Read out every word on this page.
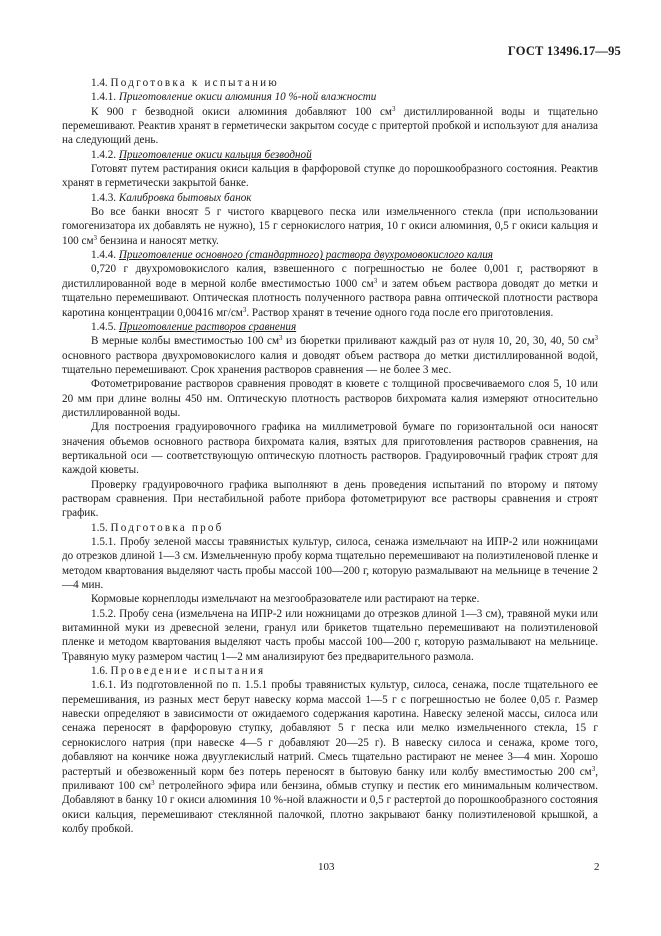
ГОСТ 13496.17—95

1.4. Подготовка к испытанию

1.4.1. Приготовление окиси алюминия 10 %-ной влажности

К 900 г безводной окиси алюминия добавляют 100 $см^3$ дистиллированной воды и тщательно перемешивают. Реактив хранят в герметически закрытом сосуде с притертой пробкой и используют для анализа на следующий день.

1.4.2. Приготовление окиси кальция безводной

Готовят путем растирания окиси кальция в фарфоровой ступке до порошкообразного состояния. Реактив хранят в герметически закрытой банке.

1.4.3. Калибровка бытовых банок

Во все банки вносят 5 г чистого кварцевого песка или измельченного стекла (при использовании гомогенизатора их добавлять не нужно), 15 г сернокислого натрия, 10 г окиси алюминия, 0,5 г окиси кальция и 100 $см^3$ бензина и наносят метку.

1.4.4. Приготовление основного (стандартного) раствора двухромовокислого калия

0,720 г двухромовокислого калия, взвешенного с погрешностью не более 0,001 г, растворяют в дистиллированной воде в мерной колбе вместимостью 1000 $см^3$ и затем объем раствора доводят до метки и тщательно перемешивают. Оптическая плотность полученного раствора равна оптической плотности раствора каротина концентрации 0,00416 $мг/см^3$. Раствор хранят в течение одного года после его приготовления.

1.4.5. Приготовление растворов сравнения

В мерные колбы вместимостью 100 $см^3$ из бюретки приливают каждый раз от нуля 10, 20, 30, 40, 50 $см^3$ основного раствора двухромовокислого калия и доводят объем раствора до метки дистиллированной водой, тщательно перемешивают. Срок хранения растворов сравнения — не более 3 мес.

Фотометрирование растворов сравнения проводят в кювете с толщиной просвечиваемого слоя 5, 10 или 20 мм при длине волны 450 нм. Оптическую плотность растворов бихромата калия измеряют относительно дистиллированной воды.

Для построения градуировочного графика на миллиметровой бумаге по горизонтальной оси наносят значения объемов основного раствора бихромата калия, взятых для приготовления растворов сравнения, на вертикальной оси — соответствующую оптическую плотность растворов. Градуировочный график строят для каждой кюветы.

Проверку градуировочного графика выполняют в день проведения испытаний по второму и пятому растворам сравнения. При нестабильной работе прибора фотометрируют все растворы сравнения и строят график.

1.5. Подготовка проб

1.5.1. Пробу зеленой массы травянистых культур, силоса, сенажа измельчают на ИПР-2 или ножницами до отрезков длиной 1—3 см. Измельченную пробу корма тщательно перемешивают на полиэтиленовой пленке и методом квартования выделяют часть пробы массой 100—200 г, которую размалывают на мельнице в течение 2—4 мин.

Кормовые корнеплоды измельчают на мезгообразователе или растирают на терке.

1.5.2. Пробу сена (измельчена на ИПР-2 или ножницами до отрезков длиной 1—3 см), травяной муки или витаминной муки из древесной зелени, гранул или брикетов тщательно перемешивают на полиэтиленовой пленке и методом квартования выделяют часть пробы массой 100—200 г, которую размалывают на мельнице. Травяную муку размером частиц 1—2 мм анализируют без предварительного размола.

1.6. Проведение испытания

1.6.1. Из подготовленной по п. 1.5.1 пробы травянистых культур, силоса, сенажа, после тщательного ее перемешивания, из разных мест берут навеску корма массой 1—5 г с погрешностью не более 0,05 г. Размер навески определяют в зависимости от ожидаемого содержания каротина. Навеску зеленой массы, силоса или сенажа переносят в фарфоровую ступку, добавляют 5 г песка или мелко измельченного стекла, 15 г сернокислого натрия (при навеске 4—5 г добавляют 20—25 г). В навеску силоса и сенажа, кроме того, добавляют на кончике ножа двууглекислый натрий. Смесь тщательно растирают не менее 3—4 мин. Хорошо растертый и обезвоженный корм без потерь переносят в бытовую банку или колбу вместимостью 200 $см^3$, приливают 100 $см^3$ петролейного эфира или бензина, обмыв ступку и пестик его минимальным количеством. Добавляют в банку 10 г окиси алюминия 10 %-ной влажности и 0,5 г растертой до порошкообразного состояния окиси кальция, перемешивают стеклянной палочкой, плотно закрывают банку полиэтиленовой крышкой, а колбу пробкой.

103	2
